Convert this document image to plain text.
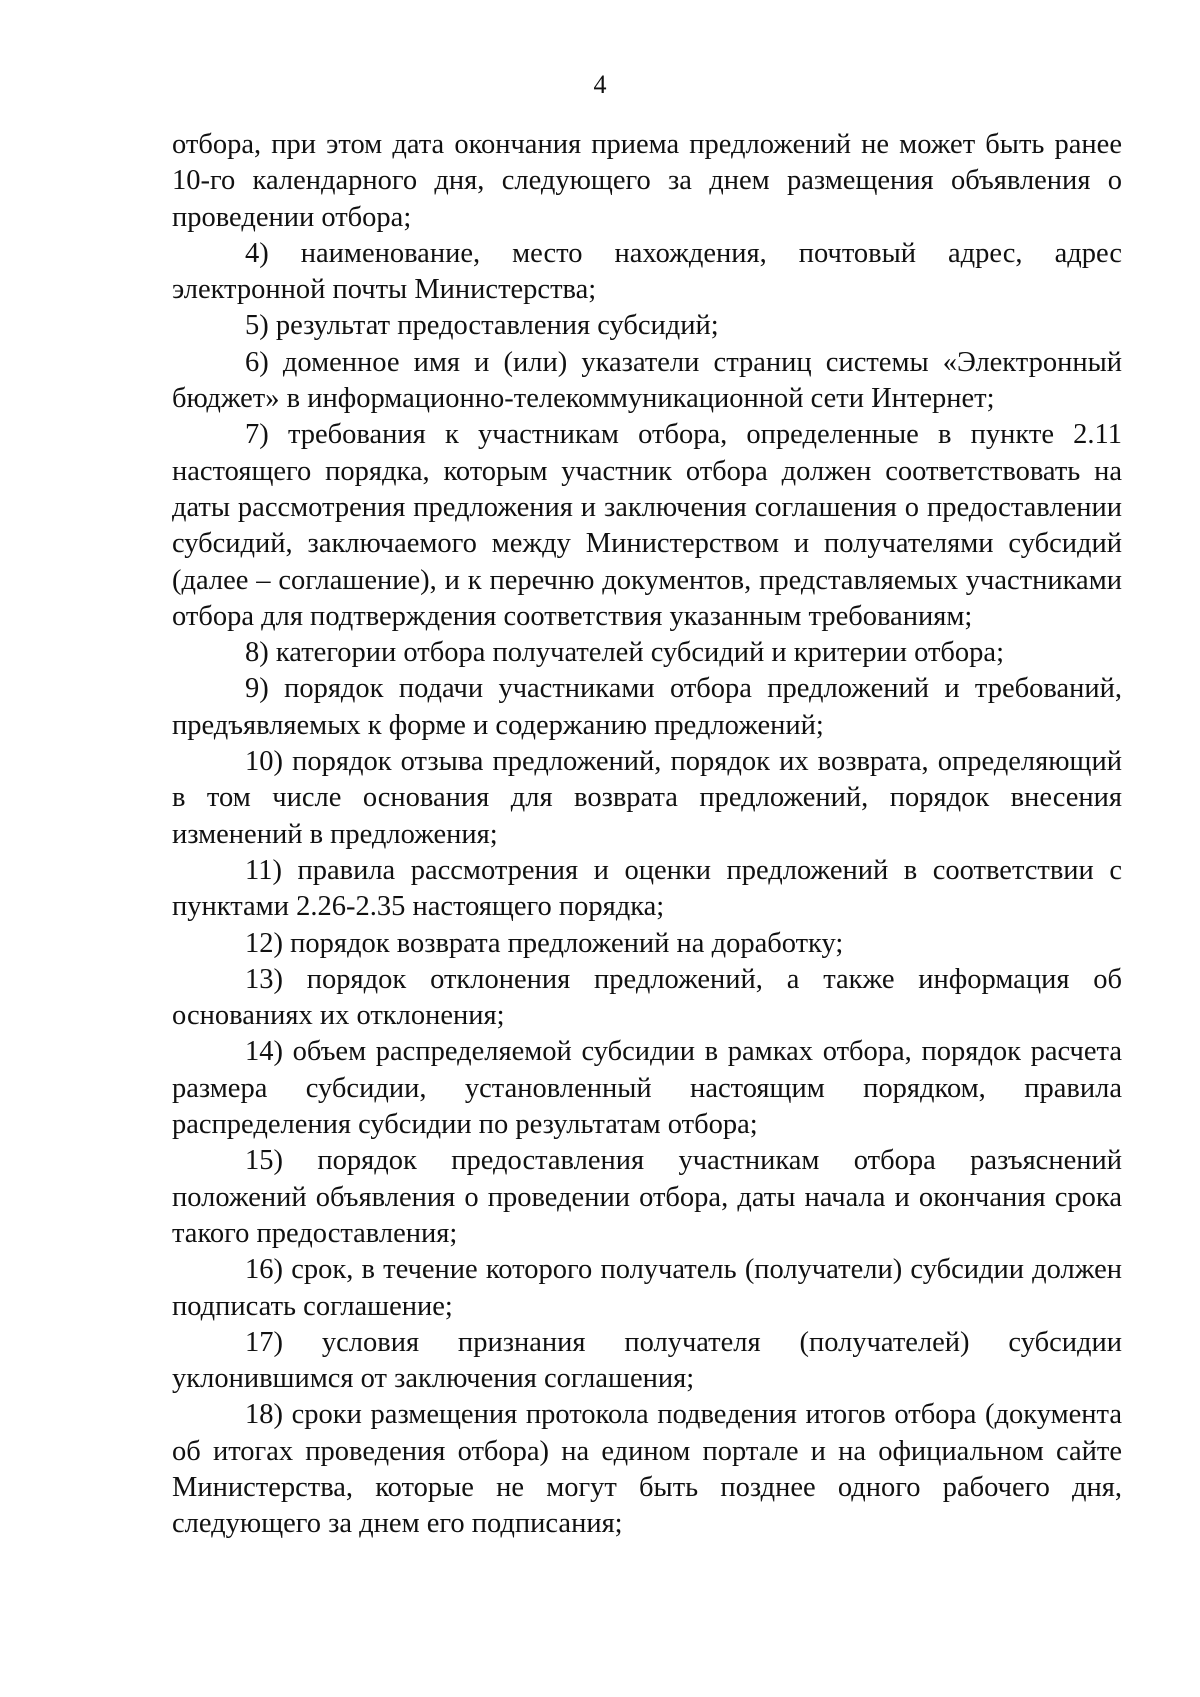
4

отбора, при этом дата окончания приема предложений не может быть ранее 10-го календарного дня, следующего за днем размещения объявления о проведении отбора;

4) наименование, место нахождения, почтовый адрес, адрес электронной почты Министерства;

5) результат предоставления субсидий;

6) доменное имя и (или) указатели страниц системы «Электронный бюджет» в информационно-телекоммуникационной сети Интернет;

7) требования к участникам отбора, определенные в пункте 2.11 настоящего порядка, которым участник отбора должен соответствовать на даты рассмотрения предложения и заключения соглашения о предоставлении субсидий, заключаемого между Министерством и получателями субсидий (далее – соглашение), и к перечню документов, представляемых участниками отбора для подтверждения соответствия указанным требованиям;

8) категории отбора получателей субсидий и критерии отбора;

9) порядок подачи участниками отбора предложений и требований, предъявляемых к форме и содержанию предложений;

10) порядок отзыва предложений, порядок их возврата, определяющий в том числе основания для возврата предложений, порядок внесения изменений в предложения;

11) правила рассмотрения и оценки предложений в соответствии с пунктами 2.26-2.35 настоящего порядка;

12) порядок возврата предложений на доработку;

13) порядок отклонения предложений, а также информация об основаниях их отклонения;

14) объем распределяемой субсидии в рамках отбора, порядок расчета размера субсидии, установленный настоящим порядком, правила распределения субсидии по результатам отбора;

15) порядок предоставления участникам отбора разъяснений положений объявления о проведении отбора, даты начала и окончания срока такого предоставления;

16) срок, в течение которого получатель (получатели) субсидии должен подписать соглашение;

17) условия признания получателя (получателей) субсидии уклонившимся от заключения соглашения;

18) сроки размещения протокола подведения итогов отбора (документа об итогах проведения отбора) на едином портале и на официальном сайте Министерства, которые не могут быть позднее одного рабочего дня, следующего за днем его подписания;
